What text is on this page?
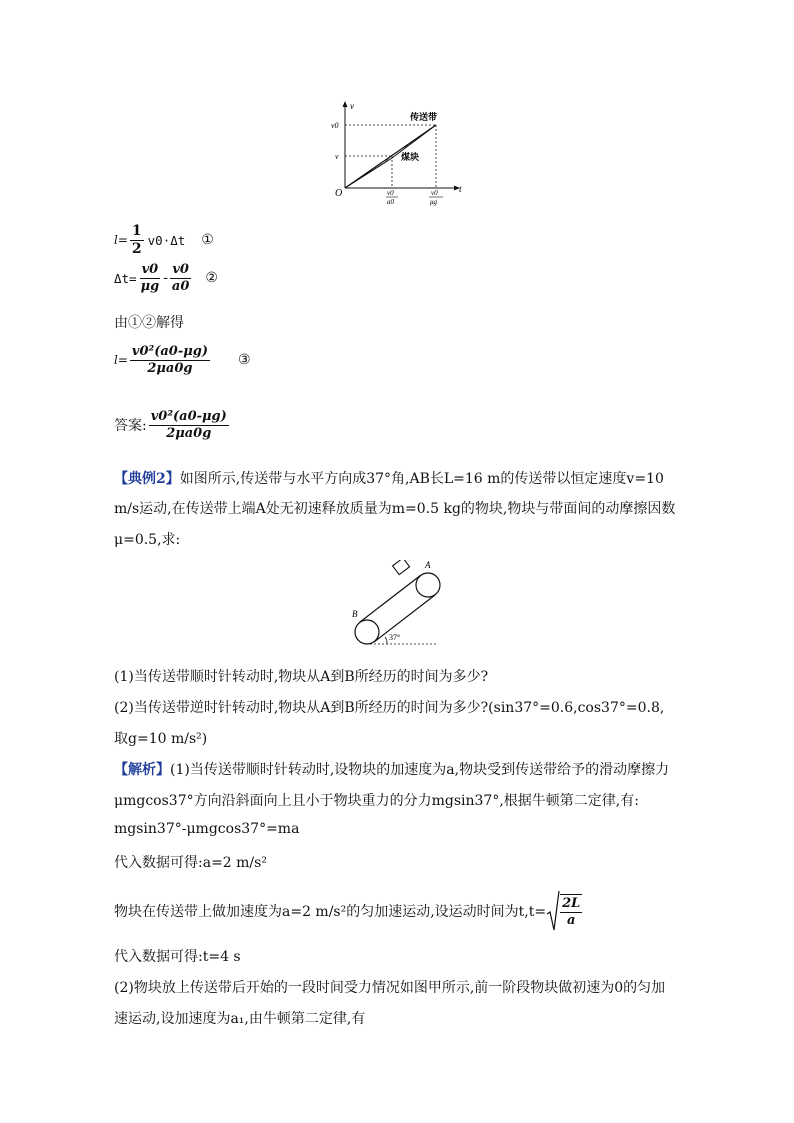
v
t
O
v0
v
传送带
煤块
v0
a0
v0
μg
$l= \frac{1}{2} v0\cdot\Delta t$ ①
$\Delta t= \frac{v0}{\mu g} - \frac{v0}{a0}$ ②
由①②解得
$l= \frac{\text{v0²(a0-μg)}}{2\mu a0g}$ ③
答案: $\frac{\text{v0²(a0-μg)}}{2\mu a0g}$
【典例2】如图所示,传送带与水平方向成37°角,AB长L=16 m的传送带以恒定速度v=10
m/s运动,在传送带上端A处无初速释放质量为m=0.5 kg的物块,物块与带面间的动摩擦因数
μ=0.5,求:
A
B
37°
(1)当传送带顺时针转动时,物块从A到B所经历的时间为多少?
(2)当传送带逆时针转动时,物块从A到B所经历的时间为多少?(sin37°=0.6,cos37°=0.8,
取g=10 m/s²)
【解析】(1)当传送带顺时针转动时,设物块的加速度为a,物块受到传送带给予的滑动摩擦力
μmgcos37°方向沿斜面向上且小于物块重力的分力mgsin37°,根据牛顿第二定律,有:
mgsin37°-μmgcos37°=ma
代入数据可得:a=2 m/s²
物块在传送带上做加速度为a=2 m/s²的匀加速运动,设运动时间为$t,t= \frac{2L}{a}$
代入数据可得:t=4 s
(2)物块放上传送带后开始的一段时间受力情况如图甲所示,前一阶段物块做初速为0的匀加
速运动,设加速度为a₁,由牛顿第二定律,有
